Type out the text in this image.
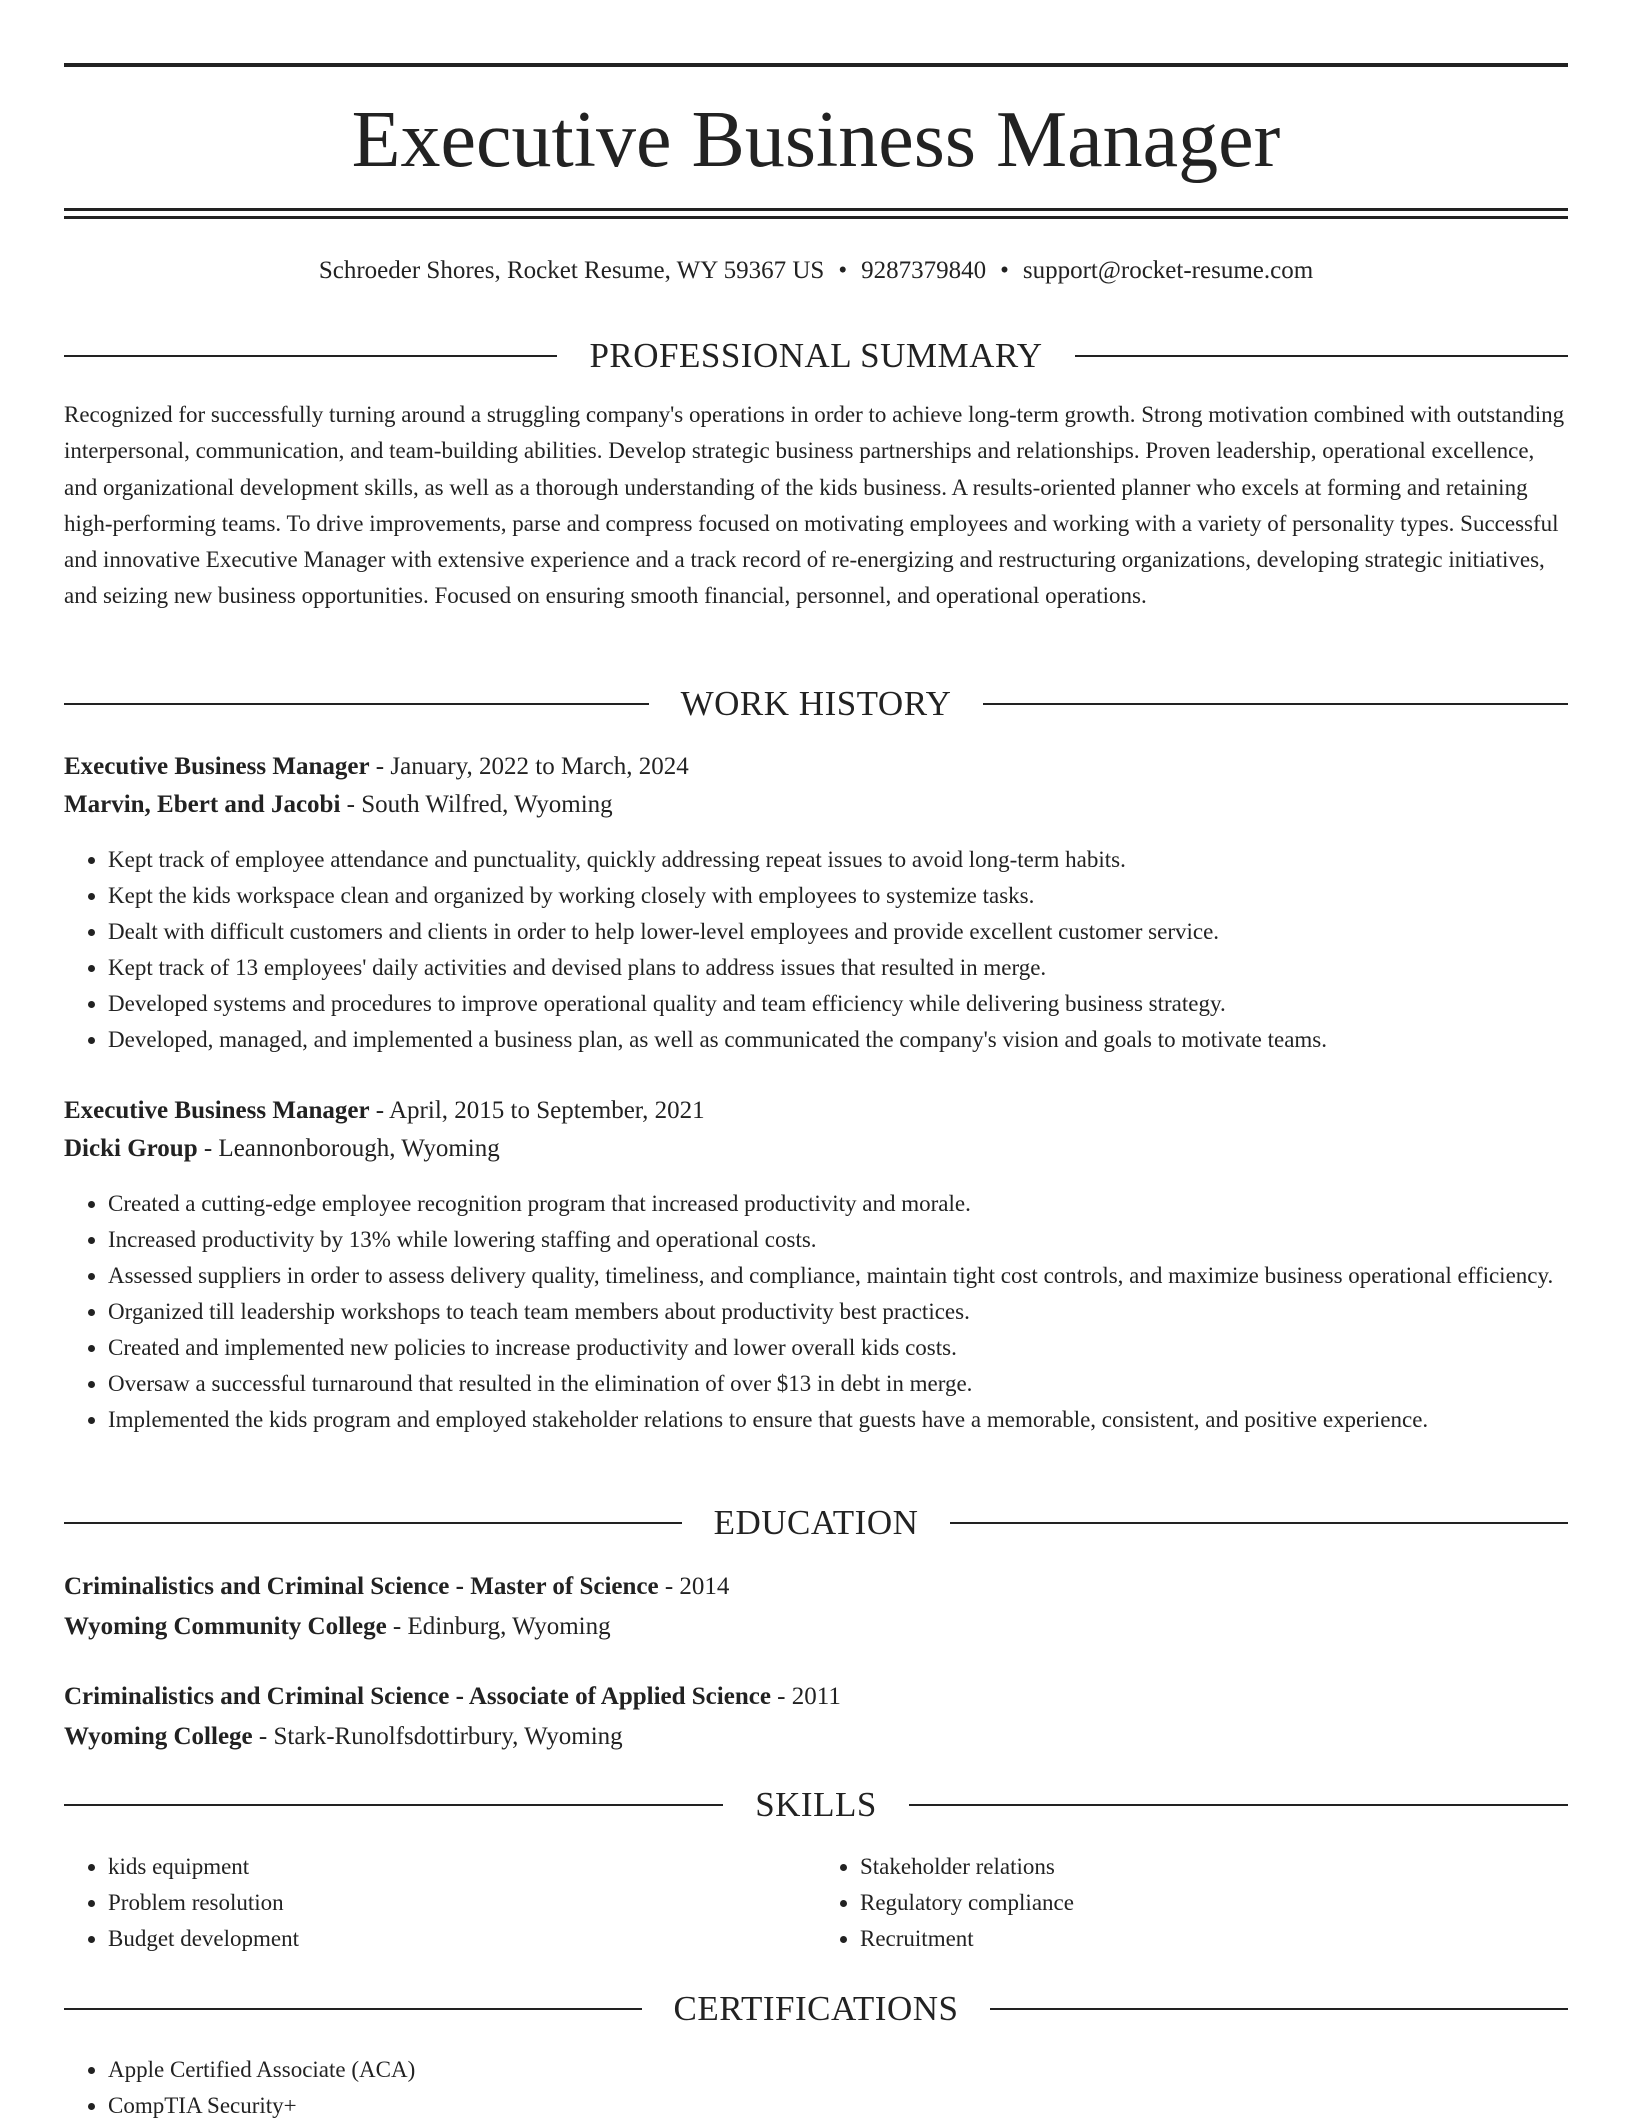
Executive Business Manager
Schroeder Shores, Rocket Resume, WY 59367 US • 9287379840 • support@rocket-resume.com
PROFESSIONAL SUMMARY

Recognized for successfully turning around a struggling company's operations in order to achieve long-term growth. Strong motivation combined with outstanding interpersonal, communication, and team-building abilities. Develop strategic business partnerships and relationships. Proven leadership, operational excellence, and organizational development skills, as well as a thorough understanding of the kids business. A results-oriented planner who excels at forming and retaining high-performing teams. To drive improvements, parse and compress focused on motivating employees and working with a variety of personality types. Successful and innovative Executive Manager with extensive experience and a track record of re-energizing and restructuring organizations, developing strategic initiatives, and seizing new business opportunities. Focused on ensuring smooth financial, personnel, and operational operations.

WORK HISTORY
Executive Business Manager - January, 2022 to March, 2024
Marvin, Ebert and Jacobi - South Wilfred, Wyoming
• Kept track of employee attendance and punctuality, quickly addressing repeat issues to avoid long-term habits.
• Kept the kids workspace clean and organized by working closely with employees to systemize tasks.
• Dealt with difficult customers and clients in order to help lower-level employees and provide excellent customer service.
• Kept track of 13 employees' daily activities and devised plans to address issues that resulted in merge.
• Developed systems and procedures to improve operational quality and team efficiency while delivering business strategy.
• Developed, managed, and implemented a business plan, as well as communicated the company's vision and goals to motivate teams.
Executive Business Manager - April, 2015 to September, 2021
Dicki Group - Leannonborough, Wyoming
• Created a cutting-edge employee recognition program that increased productivity and morale.
• Increased productivity by 13% while lowering staffing and operational costs.
• Assessed suppliers in order to assess delivery quality, timeliness, and compliance, maintain tight cost controls, and maximize business operational efficiency.
• Organized till leadership workshops to teach team members about productivity best practices.
• Created and implemented new policies to increase productivity and lower overall kids costs.
• Oversaw a successful turnaround that resulted in the elimination of over $13 in debt in merge.
• Implemented the kids program and employed stakeholder relations to ensure that guests have a memorable, consistent, and positive experience.
EDUCATION
Criminalistics and Criminal Science - Master of Science - 2014
Wyoming Community College - Edinburg, Wyoming
Criminalistics and Criminal Science - Associate of Applied Science - 2011
Wyoming College - Stark-Runolfsdottirbury, Wyoming
SKILLS
• kids equipment
• Problem resolution
• Budget development
• Stakeholder relations
• Regulatory compliance
• Recruitment
CERTIFICATIONS
• Apple Certified Associate (ACA)
• CompTIA Security+
